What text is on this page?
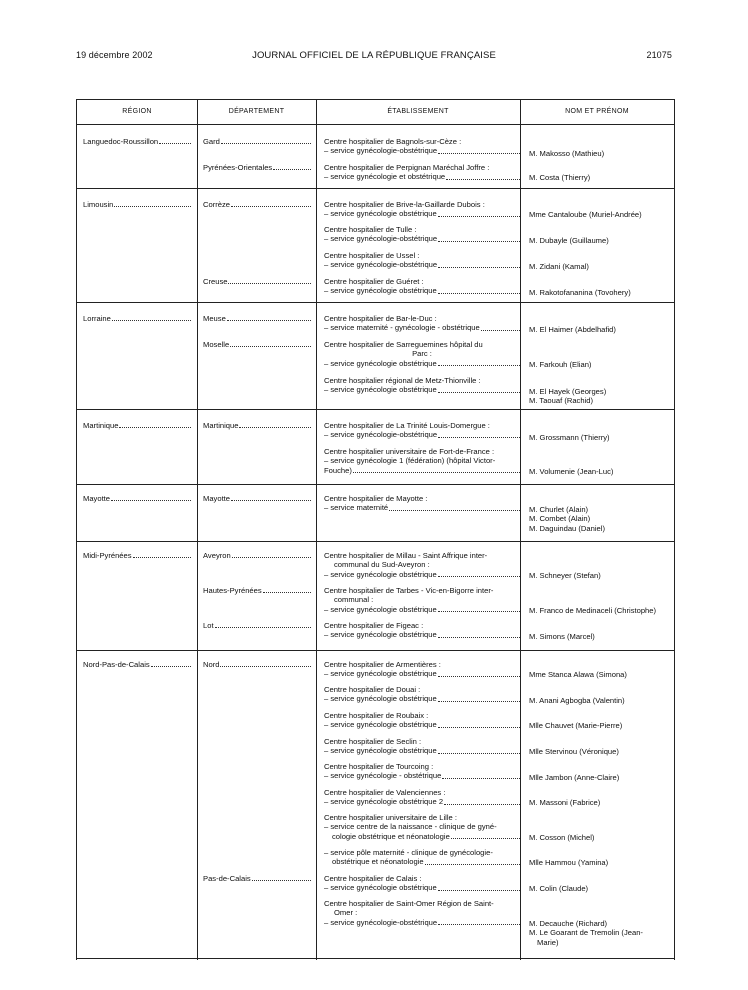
19 décembre 2002	JOURNAL OFFICIEL DE LA RÉPUBLIQUE FRANÇAISE	21075
RÉGION	DÉPARTEMENT	ÉTABLISSEMENT	NOM ET PRÉNOM
Languedoc-Roussillon	Gard	Centre hospitalier de Bagnols-sur-Cèze :
– service gynécologie-obstétrique	M. Makosso (Mathieu)
Pyrénées-Orientales	Centre hospitalier de Perpignan Maréchal Joffre :
– service gynécologie et obstétrique	M. Costa (Thierry)
Limousin	Corrèze	Centre hospitalier de Brive-la-Gaillarde Dubois :
– service gynécologie obstétrique	Mme Cantaloube (Muriel-Andrée)
Centre hospitalier de Tulle :
– service gynécologie-obstétrique	M. Dubayle (Guillaume)
Centre hospitalier de Ussel :
– service gynécologie-obstétrique	M. Zidani (Kamal)
Creuse	Centre hospitalier de Guéret :
– service gynécologie obstétrique	M. Rakotofananina (Tovohery)
Lorraine	Meuse	Centre hospitalier de Bar-le-Duc :
– service maternité - gynécologie - obstétrique	M. El Haimer (Abdelhafid)
Moselle	Centre hospitalier de Sarreguemines hôpital du
Parc :
– service gynécologie obstétrique	M. Farkouh (Elian)
Centre hospitalier régional de Metz-Thionville :
– service gynécologie obstétrique	M. El Hayek (Georges)
M. Taouaf (Rachid)
Martinique	Martinique	Centre hospitalier de La Trinité Louis-Domergue :
– service gynécologie-obstétrique	M. Grossmann (Thierry)
Centre hospitalier universitaire de Fort-de-France :
– service gynécologie 1 (fédération) (hôpital Victor-
Fouche)	M. Volumenie (Jean-Luc)
Mayotte	Mayotte	Centre hospitalier de Mayotte :
– service maternité	M. Churlet (Alain)
M. Combet (Alain)
M. Daguindau (Daniel)
Midi-Pyrénées	Aveyron	Centre hospitalier de Millau - Saint Affrique inter-
communal du Sud-Aveyron :
– service gynécologie obstétrique	M. Schneyer (Stefan)
Hautes-Pyrénées	Centre hospitalier de Tarbes - Vic-en-Bigorre inter-
communal :
– service gynécologie obstétrique	M. Franco de Medinaceli (Christophe)
Lot	Centre hospitalier de Figeac :
– service gynécologie obstétrique	M. Simons (Marcel)
Nord-Pas-de-Calais	Nord	Centre hospitalier de Armentières :
– service gynécologie obstétrique	Mme Stanca Alawa (Simona)
Centre hospitalier de Douai :
– service gynécologie obstétrique	M. Anani Agbogba (Valentin)
Centre hospitalier de Roubaix :
– service gynécologie obstétrique	Mlle Chauvet (Marie-Pierre)
Centre hospitalier de Seclin :
– service gynécologie obstétrique	Mlle Stervinou (Véronique)
Centre hospitalier de Tourcoing :
– service gynécologie - obstétrique	Mlle Jambon (Anne-Claire)
Centre hospitalier de Valenciennes :
– service gynécologie obstétrique 2	M. Massoni (Fabrice)
Centre hospitalier universitaire de Lille :
– service centre de la naissance - clinique de gyné-
cologie obstétrique et néonatologie	M. Cosson (Michel)
– service pôle maternité - clinique de gynécologie-
obstétrique et néonatologie	Mlle Hammou (Yamina)
Pas-de-Calais	Centre hospitalier de Calais :
– service gynécologie obstétrique	M. Colin (Claude)
Centre hospitalier de Saint-Omer Région de Saint-
Omer :
– service gynécologie-obstétrique	M. Decauche (Richard)
M. Le Goarant de Tremolin (Jean-
Marie)
